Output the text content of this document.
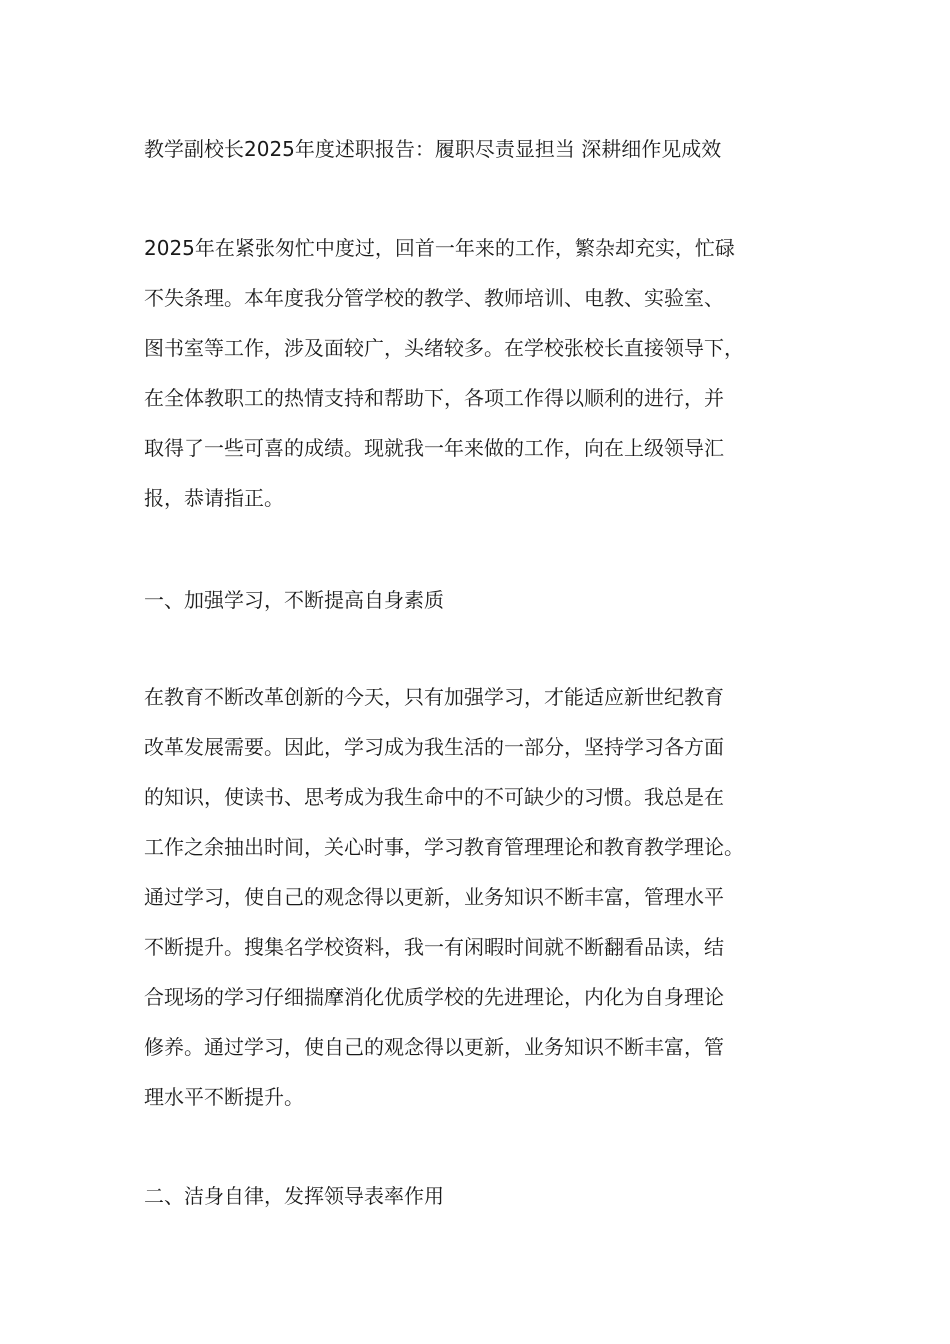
教学副校长2025年度述职报告：履职尽责显担当 深耕细作见成效
2025年在紧张匆忙中度过，回首一年来的工作，繁杂却充实，忙碌
不失条理。本年度我分管学校的教学、教师培训、电教、实验室、
图书室等工作，涉及面较广，头绪较多。在学校张校长直接领导下，
在全体教职工的热情支持和帮助下，各项工作得以顺利的进行，并
取得了一些可喜的成绩。现就我一年来做的工作，向在上级领导汇
报，恭请指正。
一、加强学习，不断提高自身素质
在教育不断改革创新的今天，只有加强学习，才能适应新世纪教育
改革发展需要。因此，学习成为我生活的一部分，坚持学习各方面
的知识，使读书、思考成为我生命中的不可缺少的习惯。我总是在
工作之余抽出时间，关心时事，学习教育管理理论和教育教学理论。
通过学习，使自己的观念得以更新，业务知识不断丰富，管理水平
不断提升。搜集名学校资料，我一有闲暇时间就不断翻看品读，结
合现场的学习仔细揣摩消化优质学校的先进理论，内化为自身理论
修养。通过学习，使自己的观念得以更新，业务知识不断丰富，管
理水平不断提升。
二、洁身自律，发挥领导表率作用
